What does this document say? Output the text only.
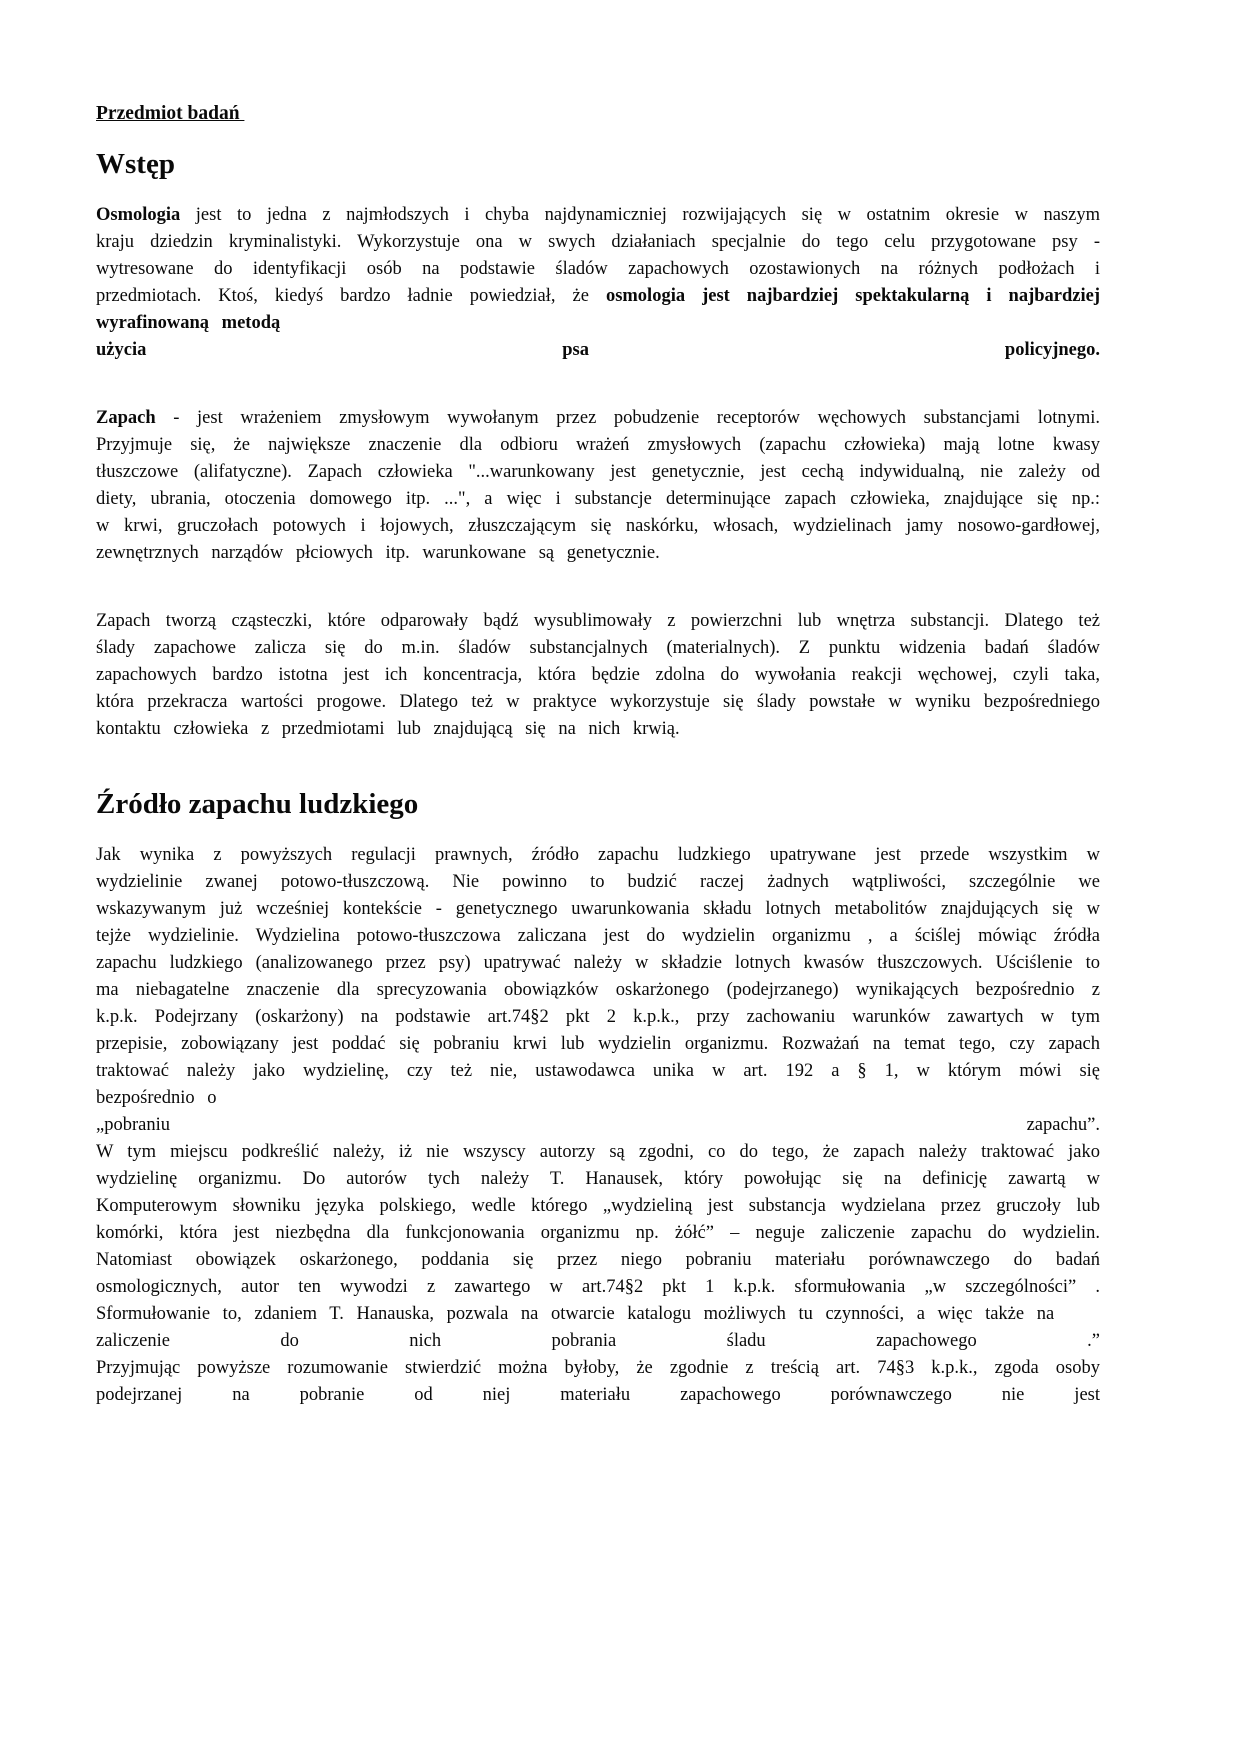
Przedmiot badań

Wstęp

Osmologia jest to jedna z najmłodszych i chyba najdynamiczniej rozwijających się w ostatnim okresie w naszym kraju dziedzin kryminalistyki. Wykorzystuje ona w swych działaniach specjalnie do tego celu przygotowane psy - wytresowane do identyfikacji osób na podstawie śladów zapachowych ozostawionych na różnych podłożach i przedmiotach. Ktoś, kiedyś bardzo ładnie powiedział, że osmologia jest najbardziej spektakularną i najbardziej wyrafinowaną metodą

użycia psa policyjnego.

Zapach - jest wrażeniem zmysłowym wywołanym przez pobudzenie receptorów węchowych substancjami lotnymi. Przyjmuje się, że największe znaczenie dla odbioru wrażeń zmysłowych (zapachu człowieka) mają lotne kwasy tłuszczowe (alifatyczne). Zapach człowieka "...warunkowany jest genetycznie, jest cechą indywidualną, nie zależy od diety, ubrania, otoczenia domowego itp. ...", a więc i substancje determinujące zapach człowieka, znajdujące się np.: w krwi, gruczołach potowych i łojowych, złuszczającym się naskórku, włosach, wydzielinach jamy nosowo-gardłowej, zewnętrznych narządów płciowych itp. warunkowane są genetycznie.

Zapach tworzą cząsteczki, które odparowały bądź wysublimowały z powierzchni lub wnętrza substancji. Dlatego też ślady zapachowe zalicza się do m.in. śladów substancjalnych (materialnych). Z punktu widzenia badań śladów zapachowych bardzo istotna jest ich koncentracja, która będzie zdolna do wywołania reakcji węchowej, czyli taka, która przekracza wartości progowe. Dlatego też w praktyce wykorzystuje się ślady powstałe w wyniku bezpośredniego kontaktu człowieka z przedmiotami lub znajdującą się na nich krwią.

Źródło zapachu ludzkiego

Jak wynika z powyższych regulacji prawnych, źródło zapachu ludzkiego upatrywane jest przede wszystkim w wydzielinie zwanej potowo-tłuszczową. Nie powinno to budzić raczej żadnych wątpliwości, szczególnie we wskazywanym już wcześniej kontekście - genetycznego uwarunkowania składu lotnych metabolitów znajdujących się w tejże wydzielinie. Wydzielina potowo-tłuszczowa zaliczana jest do wydzielin organizmu , a ściślej mówiąc źródła zapachu ludzkiego (analizowanego przez psy) upatrywać należy w składzie lotnych kwasów tłuszczowych. Uściślenie to ma niebagatelne znaczenie dla sprecyzowania obowiązków oskarżonego (podejrzanego) wynikających bezpośrednio z k.p.k. Podejrzany (oskarżony) na podstawie art.74§2 pkt 2 k.p.k., przy zachowaniu warunków zawartych w tym przepisie, zobowiązany jest poddać się pobraniu krwi lub wydzielin organizmu. Rozważań na temat tego, czy zapach traktować należy jako wydzielinę, czy też nie, ustawodawca unika w art. 192 a § 1, w którym mówi się bezpośrednio o

„pobraniu zapachu”.

W tym miejscu podkreślić należy, iż nie wszyscy autorzy są zgodni, co do tego, że zapach należy traktować jako wydzielinę organizmu. Do autorów tych należy T. Hanausek, który powołując się na definicję zawartą w Komputerowym słowniku języka polskiego, wedle którego „wydzieliną jest substancja wydzielana przez gruczoły lub komórki, która jest niezbędna dla funkcjonowania organizmu np. żółć” – neguje zaliczenie zapachu do wydzielin. Natomiast obowiązek oskarżonego, poddania się przez niego pobraniu materiału porównawczego do badań osmologicznych, autor ten wywodzi z zawartego w art.74§2 pkt 1 k.p.k. sformułowania „w szczególności” . Sformułowanie to, zdaniem T. Hanauska, pozwala na otwarcie katalogu możliwych tu czynności, a więc także na

zaliczenie do nich pobrania śladu zapachowego .”

Przyjmując powyższe rozumowanie stwierdzić można byłoby, że zgodnie z treścią art. 74§3 k.p.k., zgoda osoby podejrzanej na pobranie od niej materiału zapachowego porównawczego nie jest
